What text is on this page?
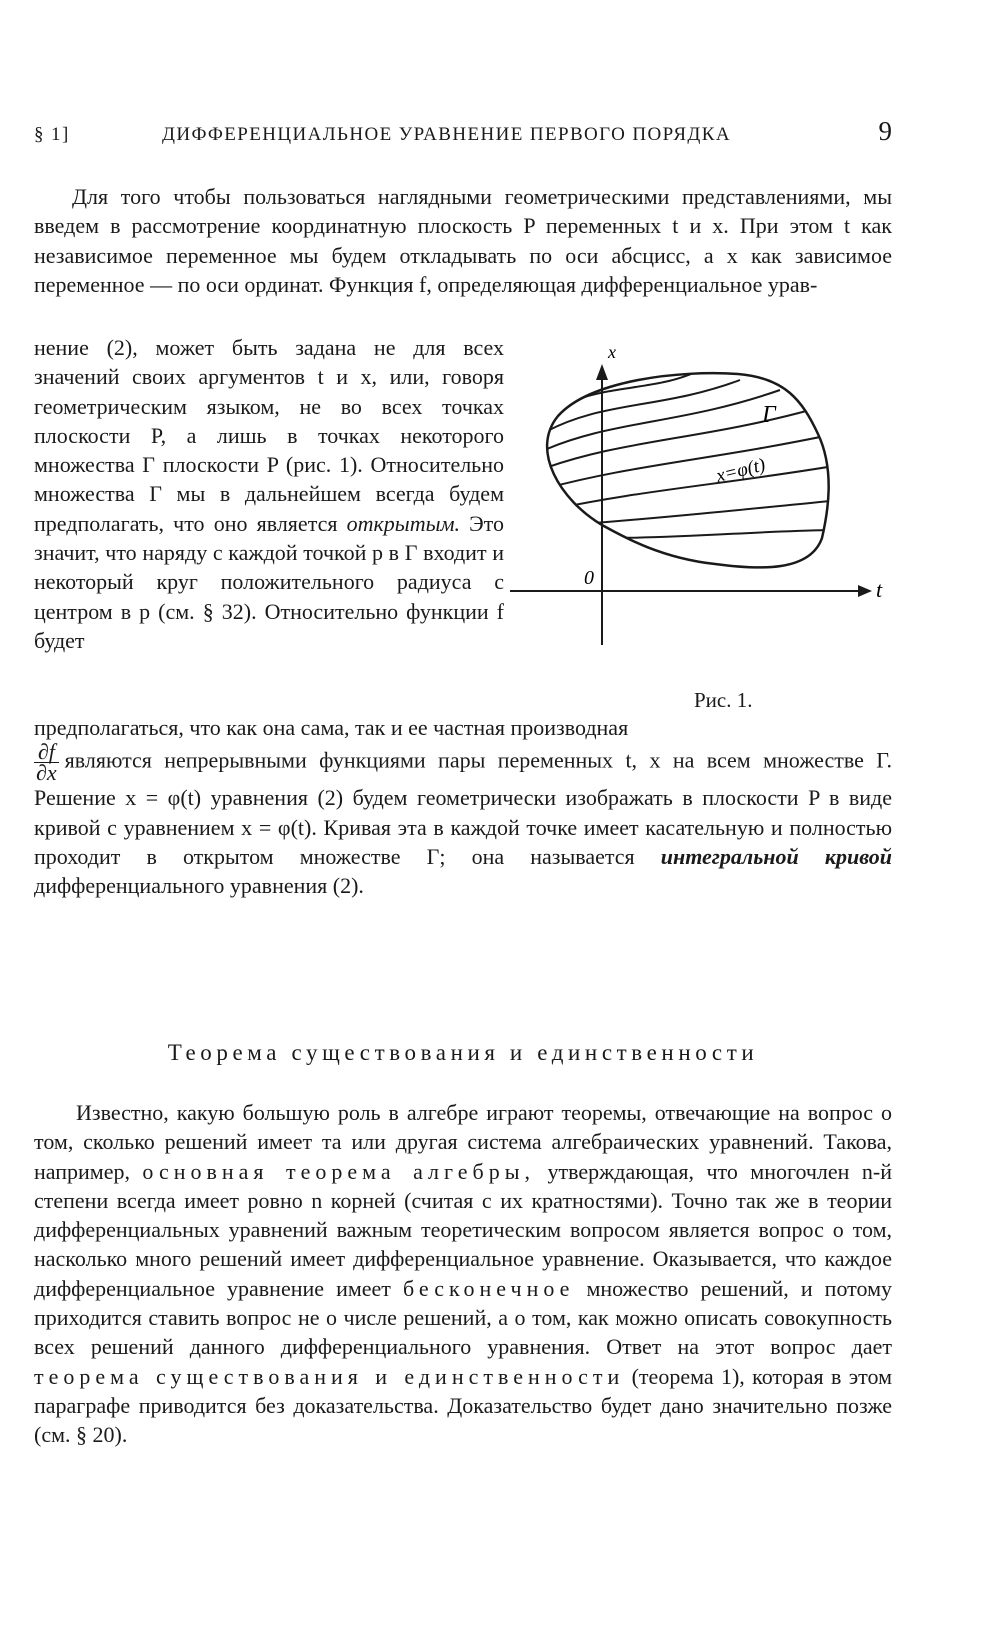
§ 1]	ДИФФЕРЕНЦИАЛЬНОЕ УРАВНЕНИЕ ПЕРВОГО ПОРЯДКА	9

Для того чтобы пользоваться наглядными геометрическими представлениями, мы введем в рассмотрение координатную плоскость P переменных t и x. При этом t как независимое переменное мы будем откладывать по оси абсцисс, а x как зависимое переменное — по оси ординат. Функция f, определяющая дифференциальное урав-

нение (2), может быть задана не для всех значений своих аргументов t и x, или, говоря геометрическим языком, не во всех точках плоскости P, а лишь в точках некоторого множества Г плоскости P (рис. 1). Относительно множества Г мы в дальнейшем всегда будем предполагать, что оно является открытым. Это значит, что наряду с каждой точкой p в Г входит и некоторый круг положительного радиуса с центром в p (см. § 32). Относительно функции f будет

предполагаться, что как она сама, так и ее частная производная

$\frac{\partial f}{\partial x}$ являются непрерывными функциями пары переменных t, x на всем множестве Г. Решение x = φ(t) уравнения (2) будем геометрически изображать в плоскости P в виде кривой с уравнением x = φ(t). Кривая эта в каждой точке имеет касательную и полностью проходит в открытом множестве Г; она называется интегральной кривой дифференциального уравнения (2).

x
t
0
Г
x=φ(t)
Рис. 1.
Теорема существования и единственности

Известно, какую большую роль в алгебре играют теоремы, отвечающие на вопрос о том, сколько решений имеет та или другая система алгебраических уравнений. Такова, например, основная теорема алгебры, утверждающая, что многочлен n-й степени всегда имеет ровно n корней (считая с их кратностями). Точно так же в теории дифференциальных уравнений важным теоретическим вопросом является вопрос о том, насколько много решений имеет дифференциальное уравнение. Оказывается, что каждое дифференциальное уравнение имеет бесконечное множество решений, и потому приходится ставить вопрос не о числе решений, а о том, как можно описать совокупность всех решений данного дифференциального уравнения. Ответ на этот вопрос дает теорема существования и единственности (теорема 1), которая в этом параграфе приводится без доказательства. Доказательство будет дано значительно позже (см. § 20).
